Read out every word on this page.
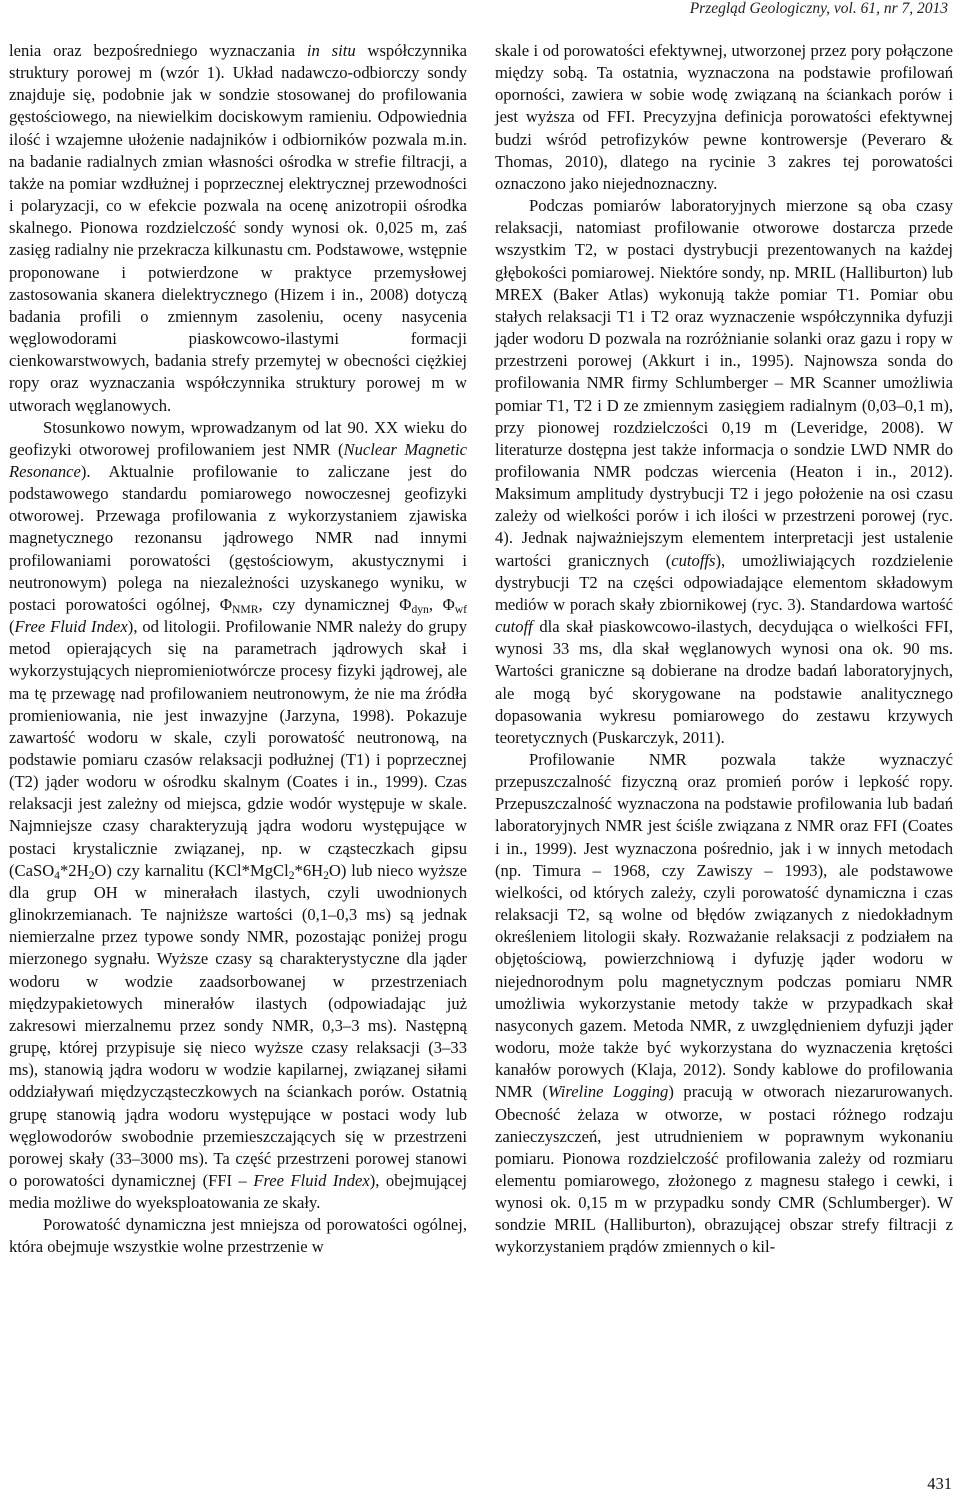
Przegląd Geologiczny, vol. 61, nr 7, 2013

lenia oraz bezpośredniego wyznaczania in situ współczynnika struktury porowej m (wzór 1). Układ nadawczo-odbiorczy sondy znajduje się, podobnie jak w sondzie stosowanej do profilowania gęstościowego, na niewielkim dociskowym ramieniu. Odpowiednia ilość i wzajemne ułożenie nadajników i odbiorników pozwala m.in. na badanie radialnych zmian własności ośrodka w strefie filtracji, a także na pomiar wzdłużnej i poprzecznej elektrycznej przewodności i polaryzacji, co w efekcie pozwala na ocenę anizotropii ośrodka skalnego. Pionowa rozdzielczość sondy wynosi ok. 0,025 m, zaś zasięg radialny nie przekracza kilkunastu cm. Podstawowe, wstępnie proponowane i potwierdzone w praktyce przemysłowej zastosowania skanera dielektrycznego (Hizem i in., 2008) dotyczą badania profili o zmiennym zasoleniu, oceny nasycenia węglowodorami piaskowcowo-ilastymi formacji cienkowarstwowych, badania strefy przemytej w obecności ciężkiej ropy oraz wyznaczania współczynnika struktury porowej m w utworach węglanowych.

Stosunkowo nowym, wprowadzanym od lat 90. XX wieku do geofizyki otworowej profilowaniem jest NMR (Nuclear Magnetic Resonance). Aktualnie profilowanie to zaliczane jest do podstawowego standardu pomiarowego nowoczesnej geofizyki otworowej. Przewaga profilowania z wykorzystaniem zjawiska magnetycznego rezonansu jądrowego NMR nad innymi profilowaniami porowatości (gęstościowym, akustycznymi i neutronowym) polega na niezależności uzyskanego wyniku, w postaci porowatości ogólnej, $\Phi_{NMR}$, czy dynamicznej $\Phi_{dyn}$, $\Phi_{wf}$ (Free Fluid Index), od litologii. Profilowanie NMR należy do grupy metod opierających się na parametrach jądrowych skał i wykorzystujących niepromieniotwórcze procesy fizyki jądrowej, ale ma tę przewagę nad profilowaniem neutronowym, że nie ma źródła promieniowania, nie jest inwazyjne (Jarzyna, 1998). Pokazuje zawartość wodoru w skale, czyli porowatość neutronową, na podstawie pomiaru czasów relaksacji podłużnej (T1) i poprzecznej (T2) jąder wodoru w ośrodku skalnym (Coates i in., 1999). Czas relaksacji jest zależny od miejsca, gdzie wodór występuje w skale. Najmniejsze czasy charakteryzują jądra wodoru występujące w postaci krystalicznie związanej, np. w cząsteczkach gipsu $(CaSO_4*2H_2O)$ czy karnalitu $(KCl*MgCl_2*6H_2O)$ lub nieco wyższe dla grup OH w minerałach ilastych, czyli uwodnionych glinokrzemianach. Te najniższe wartości (0,1–0,3 ms) są jednak niemierzalne przez typowe sondy NMR, pozostając poniżej progu mierzonego sygnału. Wyższe czasy są charakterystyczne dla jąder wodoru w wodzie zaadsorbowanej w przestrzeniach międzypakietowych minerałów ilastych (odpowiadając już zakresowi mierzalnemu przez sondy NMR, 0,3–3 ms). Następną grupę, której przypisuje się nieco wyższe czasy relaksacji (3–33 ms), stanowią jądra wodoru w wodzie kapilarnej, związanej siłami oddziaływań międzycząsteczkowych na ściankach porów. Ostatnią grupę stanowią jądra wodoru występujące w postaci wody lub węglowodorów swobodnie przemieszczających się w przestrzeni porowej skały (33–3000 ms). Ta część przestrzeni porowej stanowi o porowatości dynamicznej (FFI – Free Fluid Index), obejmującej media możliwe do wyeksploatowania ze skały.

Porowatość dynamiczna jest mniejsza od porowatości ogólnej, która obejmuje wszystkie wolne przestrzenie w

skale i od porowatości efektywnej, utworzonej przez pory połączone między sobą. Ta ostatnia, wyznaczona na podstawie profilowań oporności, zawiera w sobie wodę związaną na ściankach porów i jest wyższa od FFI. Precyzyjna definicja porowatości efektywnej budzi wśród petrofizyków pewne kontrowersje (Peveraro & Thomas, 2010), dlatego na rycinie 3 zakres tej porowatości oznaczono jako niejednoznaczny.

Podczas pomiarów laboratoryjnych mierzone są oba czasy relaksacji, natomiast profilowanie otworowe dostarcza przede wszystkim T2, w postaci dystrybucji prezentowanych na każdej głębokości pomiarowej. Niektóre sondy, np. MRIL (Halliburton) lub MREX (Baker Atlas) wykonują także pomiar T1. Pomiar obu stałych relaksacji T1 i T2 oraz wyznaczenie współczynnika dyfuzji jąder wodoru D pozwala na rozróżnianie solanki oraz gazu i ropy w przestrzeni porowej (Akkurt i in., 1995). Najnowsza sonda do profilowania NMR firmy Schlumberger – MR Scanner umożliwia pomiar T1, T2 i D ze zmiennym zasięgiem radialnym (0,03–0,1 m), przy pionowej rozdzielczości 0,19 m (Leveridge, 2008). W literaturze dostępna jest także informacja o sondzie LWD NMR do profilowania NMR podczas wiercenia (Heaton i in., 2012). Maksimum amplitudy dystrybucji T2 i jego położenie na osi czasu zależy od wielkości porów i ich ilości w przestrzeni porowej (ryc. 4). Jednak najważniejszym elementem interpretacji jest ustalenie wartości granicznych (cutoffs), umożliwiających rozdzielenie dystrybucji T2 na części odpowiadające elementom składowym mediów w porach skały zbiornikowej (ryc. 3). Standardowa wartość cutoff dla skał piaskowcowo-ilastych, decydująca o wielkości FFI, wynosi 33 ms, dla skał węglanowych wynosi ona ok. 90 ms. Wartości graniczne są dobierane na drodze badań laboratoryjnych, ale mogą być skorygowane na podstawie analitycznego dopasowania wykresu pomiarowego do zestawu krzywych teoretycznych (Puskarczyk, 2011).

Profilowanie NMR pozwala także wyznaczyć przepuszczalność fizyczną oraz promień porów i lepkość ropy. Przepuszczalność wyznaczona na podstawie profilowania lub badań laboratoryjnych NMR jest ściśle związana z NMR oraz FFI (Coates i in., 1999). Jest wyznaczona pośrednio, jak i w innych metodach (np. Timura – 1968, czy Zawiszy – 1993), ale podstawowe wielkości, od których zależy, czyli porowatość dynamiczna i czas relaksacji T2, są wolne od błędów związanych z niedokładnym określeniem litologii skały. Rozważanie relaksacji z podziałem na objętościową, powierzchniową i dyfuzję jąder wodoru w niejednorodnym polu magnetycznym podczas pomiaru NMR umożliwia wykorzystanie metody także w przypadkach skał nasyconych gazem. Metoda NMR, z uwzględnieniem dyfuzji jąder wodoru, może także być wykorzystana do wyznaczenia krętości kanałów porowych (Klaja, 2012). Sondy kablowe do profilowania NMR (Wireline Logging) pracują w otworach niezarurowanych. Obecność żelaza w otworze, w postaci różnego rodzaju zanieczyszczeń, jest utrudnieniem w poprawnym wykonaniu pomiaru. Pionowa rozdzielczość profilowania zależy od rozmiaru elementu pomiarowego, złożonego z magnesu stałego i cewki, i wynosi ok. 0,15 m w przypadku sondy CMR (Schlumberger). W sondzie MRIL (Halliburton), obrazującej obszar strefy filtracji z wykorzystaniem prądów zmiennych o kil-

431
